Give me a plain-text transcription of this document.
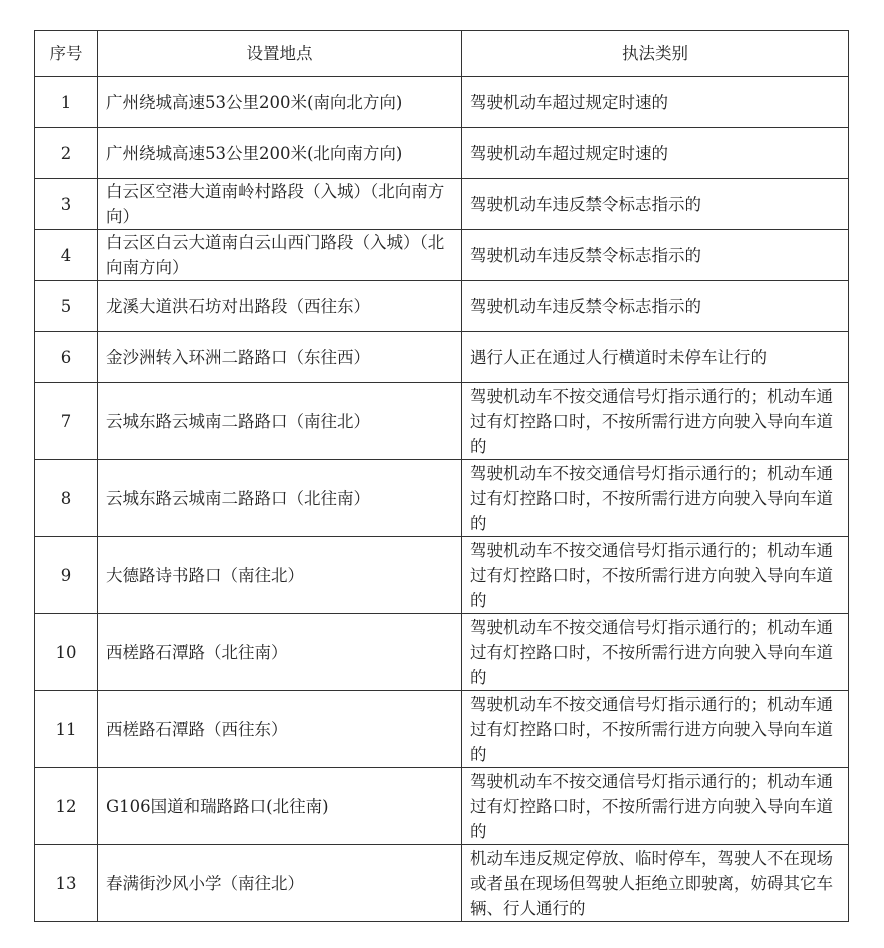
序号	设置地点	执法类别

1	广州绕城高速53公里200米(南向北方向)	驾驶机动车超过规定时速的

2	广州绕城高速53公里200米(北向南方向)	驾驶机动车超过规定时速的

3	白云区空港大道南岭村路段（入城）（北向南方向）	驾驶机动车违反禁令标志指示的

4	白云区白云大道南白云山西门路段（入城）（北向南方向）	驾驶机动车违反禁令标志指示的

5	龙溪大道洪石坊对出路段（西往东）	驾驶机动车违反禁令标志指示的

6	金沙洲转入环洲二路路口（东往西）	遇行人正在通过人行横道时未停车让行的

7	云城东路云城南二路路口（南往北）	驾驶机动车不按交通信号灯指示通行的；机动车通过有灯控路口时，不按所需行进方向驶入导向车道的

8	云城东路云城南二路路口（北往南）	驾驶机动车不按交通信号灯指示通行的；机动车通过有灯控路口时，不按所需行进方向驶入导向车道的

9	大德路诗书路口（南往北）	驾驶机动车不按交通信号灯指示通行的；机动车通过有灯控路口时，不按所需行进方向驶入导向车道的

10	西槎路石潭路（北往南）	驾驶机动车不按交通信号灯指示通行的；机动车通过有灯控路口时，不按所需行进方向驶入导向车道的

11	西槎路石潭路（西往东）	驾驶机动车不按交通信号灯指示通行的；机动车通过有灯控路口时，不按所需行进方向驶入导向车道的

12	G106国道和瑞路路口(北往南)	驾驶机动车不按交通信号灯指示通行的；机动车通过有灯控路口时，不按所需行进方向驶入导向车道的

13	春满街沙风小学（南往北）	机动车违反规定停放、临时停车，驾驶人不在现场或者虽在现场但驾驶人拒绝立即驶离，妨碍其它车辆、行人通行的
